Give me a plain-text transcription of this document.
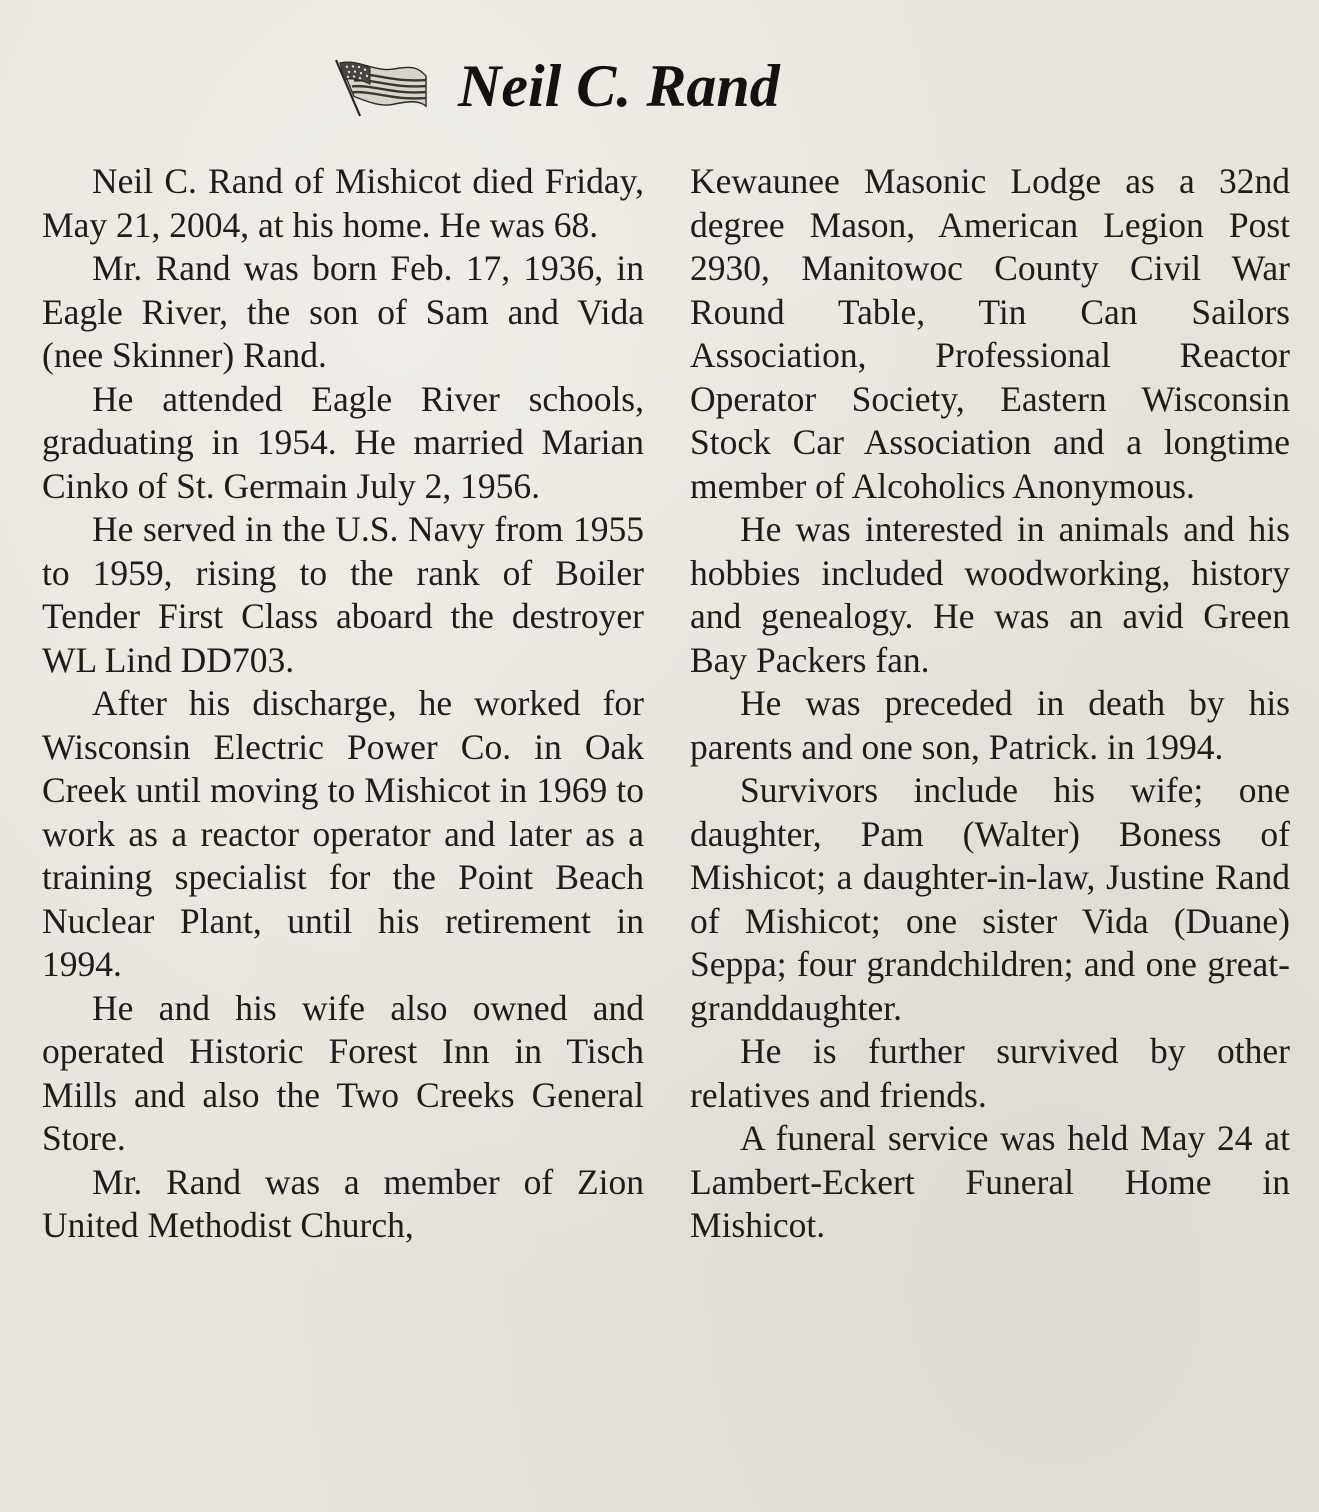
Neil C. Rand

Neil C. Rand of Mishicot died Friday, May 21, 2004, at his home. He was 68.

Mr. Rand was born Feb. 17, 1936, in Eagle River, the son of Sam and Vida (nee Skinner) Rand.

He attended Eagle River schools, graduating in 1954. He married Marian Cinko of St. Germain July 2, 1956.

He served in the U.S. Navy from 1955 to 1959, rising to the rank of Boiler Tender First Class aboard the destroyer WL Lind DD703.

After his discharge, he worked for Wisconsin Electric Power Co. in Oak Creek until moving to Mishicot in 1969 to work as a reactor operator and later as a training specialist for the Point Beach Nuclear Plant, until his retirement in 1994.

He and his wife also owned and operated Historic Forest Inn in Tisch Mills and also the Two Creeks General Store.

Mr. Rand was a member of Zion United Methodist Church,

Kewaunee Masonic Lodge as a 32nd degree Mason, American Legion Post 2930, Manitowoc County Civil War Round Table, Tin Can Sailors Association, Professional Reactor Operator Society, Eastern Wisconsin Stock Car Association and a longtime member of Alcoholics Anonymous.

He was interested in animals and his hobbies included woodworking, history and genealogy. He was an avid Green Bay Packers fan.

He was preceded in death by his parents and one son, Patrick. in 1994.

Survivors include his wife; one daughter, Pam (Walter) Boness of Mishicot; a daughter-in-law, Justine Rand of Mishicot; one sister Vida (Duane) Seppa; four grandchildren; and one great-granddaughter.

He is further survived by other relatives and friends.

A funeral service was held May 24 at Lambert-Eckert Funeral Home in Mishicot.
